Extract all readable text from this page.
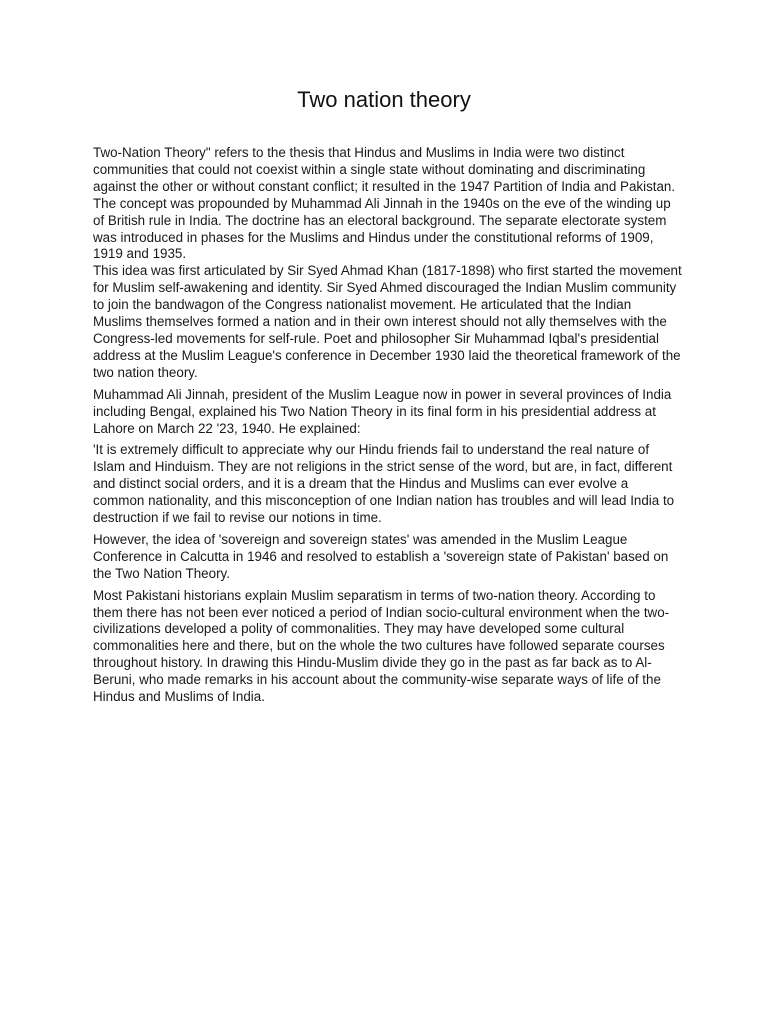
Two nation theory

Two-Nation Theory" refers to the thesis that Hindus and Muslims in India were two distinct communities that could not coexist within a single state without dominating and discriminating against the other or without constant conflict; it resulted in the 1947 Partition of India and Pakistan.

The concept was propounded by Muhammad Ali Jinnah in the 1940s on the eve of the winding up of British rule in India. The doctrine has an electoral background. The separate electorate system was introduced in phases for the Muslims and Hindus under the constitutional reforms of 1909, 1919 and 1935.

This idea was first articulated by Sir Syed Ahmad Khan (1817-1898) who first started the movement for Muslim self-awakening and identity. Sir Syed Ahmed discouraged the Indian Muslim community to join the bandwagon of the Congress nationalist movement. He articulated that the Indian Muslims themselves formed a nation and in their own interest should not ally themselves with the Congress-led movements for self-rule. Poet and philosopher Sir Muhammad Iqbal's presidential address at the Muslim League's conference in December 1930 laid the theoretical framework of the two nation theory.

Muhammad Ali Jinnah, president of the Muslim League now in power in several provinces of India including Bengal, explained his Two Nation Theory in its final form in his presidential address at Lahore on March 22 '23, 1940. He explained:

'It is extremely difficult to appreciate why our Hindu friends fail to understand the real nature of Islam and Hinduism. They are not religions in the strict sense of the word, but are, in fact, different and distinct social orders, and it is a dream that the Hindus and Muslims can ever evolve a common nationality, and this misconception of one Indian nation has troubles and will lead India to destruction if we fail to revise our notions in time.

However, the idea of 'sovereign and sovereign states' was amended in the Muslim League Conference in Calcutta in 1946 and resolved to establish a 'sovereign state of Pakistan' based on the Two Nation Theory.

Most Pakistani historians explain Muslim separatism in terms of two-nation theory. According to them there has not been ever noticed a period of Indian socio-cultural environment when the two-civilizations developed a polity of commonalities. They may have developed some cultural commonalities here and there, but on the whole the two cultures have followed separate courses throughout history. In drawing this Hindu-Muslim divide they go in the past as far back as to Al-Beruni, who made remarks in his account about the community-wise separate ways of life of the Hindus and Muslims of India.
